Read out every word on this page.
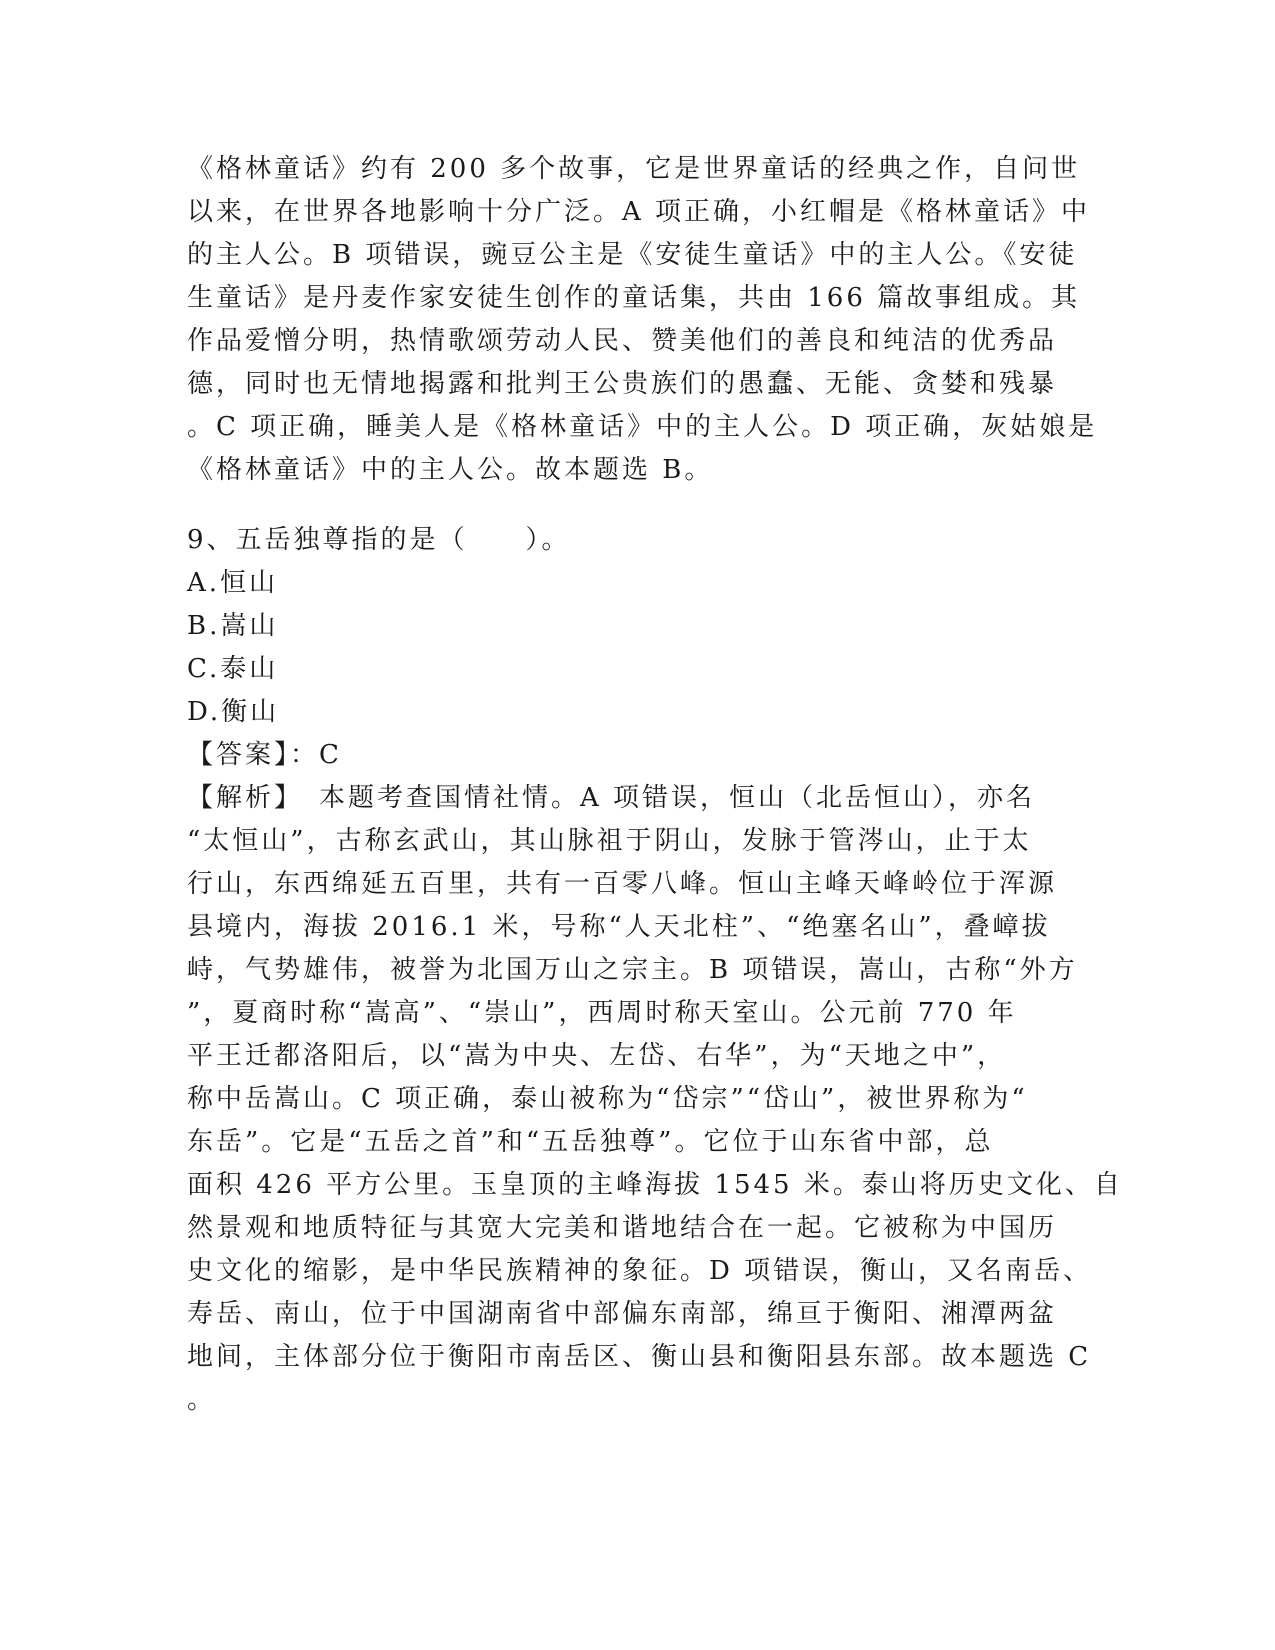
《格林童话》约有 200 多个故事，它是世界童话的经典之作，自问世
以来，在世界各地影响十分广泛。A 项正确，小红帽是《格林童话》中
的主人公。B 项错误，豌豆公主是《安徒生童话》中的主人公。《安徒
生童话》是丹麦作家安徒生创作的童话集，共由 166 篇故事组成。其
作品爱憎分明，热情歌颂劳动人民、赞美他们的善良和纯洁的优秀品
德，同时也无情地揭露和批判王公贵族们的愚蠢、无能、贪婪和残暴
。C 项正确，睡美人是《格林童话》中的主人公。D 项正确，灰姑娘是
《格林童话》中的主人公。故本题选 B。
9、五岳独尊指的是（　　）。
A.恒山
B.嵩山
C.泰山
D.衡山
【答案】：C
【解析】　本题考查国情社情。A 项错误，恒山（北岳恒山），亦名
“太恒山”，古称玄武山，其山脉祖于阴山，发脉于管涔山，止于太
行山，东西绵延五百里，共有一百零八峰。恒山主峰天峰岭位于浑源
县境内，海拔 2016.1 米，号称“人天北柱”、“绝塞名山”，叠嶂拔
峙，气势雄伟，被誉为北国万山之宗主。B 项错误，嵩山，古称“外方
”，夏商时称“嵩高”、“崇山”，西周时称天室山。公元前 770 年
平王迁都洛阳后，以“嵩为中央、左岱、右华”，为“天地之中”，
称中岳嵩山。C 项正确，泰山被称为“岱宗”“岱山”，被世界称为“
东岳”。它是“五岳之首”和“五岳独尊”。它位于山东省中部，总
面积 426 平方公里。玉皇顶的主峰海拔 1545 米。泰山将历史文化、自
然景观和地质特征与其宽大完美和谐地结合在一起。它被称为中国历
史文化的缩影，是中华民族精神的象征。D 项错误，衡山，又名南岳、
寿岳、南山，位于中国湖南省中部偏东南部，绵亘于衡阳、湘潭两盆
地间，主体部分位于衡阳市南岳区、衡山县和衡阳县东部。故本题选 C
。
